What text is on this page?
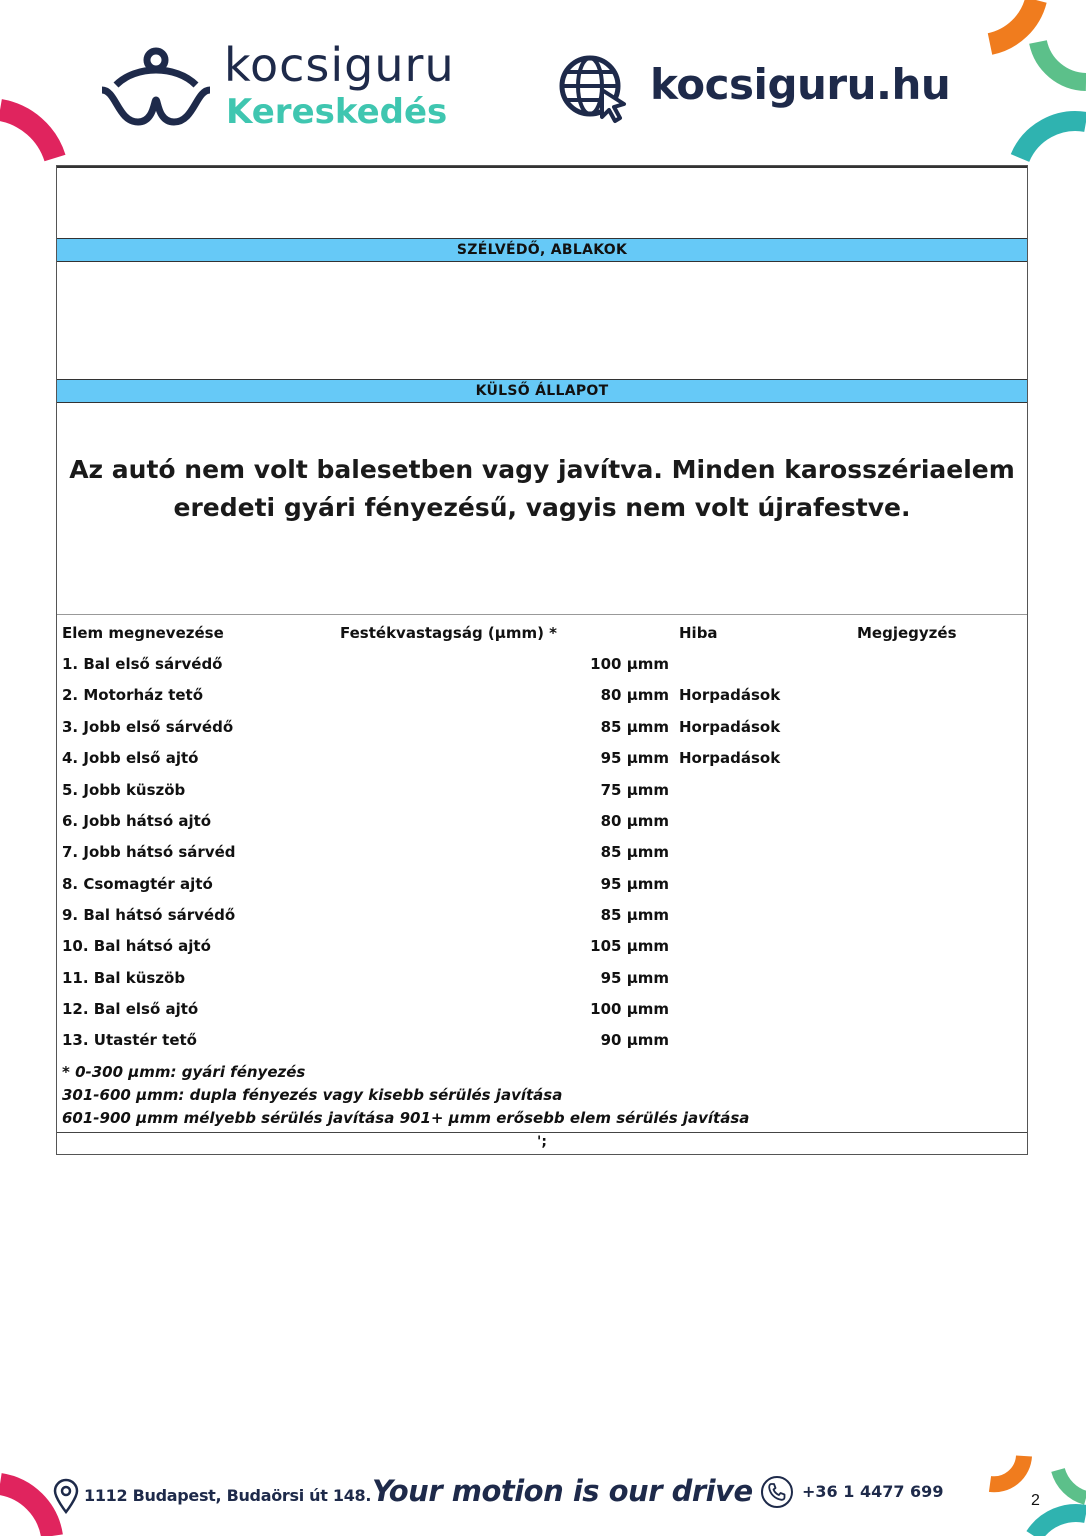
kocsiguru
Kereskedés
kocsiguru.hu
SZÉLVÉDŐ, ABLAKOK
KÜLSŐ ÁLLAPOT
Az autó nem volt balesetben vagy javítva. Minden karosszériaelem
eredeti gyári fényezésű, vagyis nem volt újrafestve.
Elem megnevezése	Festékvastagság (µmm) *	Hiba	Megjegyzés
1. Bal első sárvédő	100 µmm
2. Motorház tető	80 µmm Horpadások
3. Jobb első sárvédő	85 µmm Horpadások
4. Jobb első ajtó	95 µmm Horpadások
5. Jobb küszöb	75 µmm
6. Jobb hátsó ajtó	80 µmm
7. Jobb hátsó sárvéd	85 µmm
8. Csomagtér ajtó	95 µmm
9. Bal hátsó sárvédő	85 µmm
10. Bal hátsó ajtó	105 µmm
11. Bal küszöb	95 µmm
12. Bal első ajtó	100 µmm
13. Utastér tető	90 µmm
* 0-300 µmm: gyári fényezés
301-600 µmm: dupla fényezés vagy kisebb sérülés javítása
601-900 µmm mélyebb sérülés javítása 901+ µmm erősebb elem sérülés javítása
';
1112 Budapest, Budaörsi út 148. Your motion is our drive	+36 1 4477 699	2
